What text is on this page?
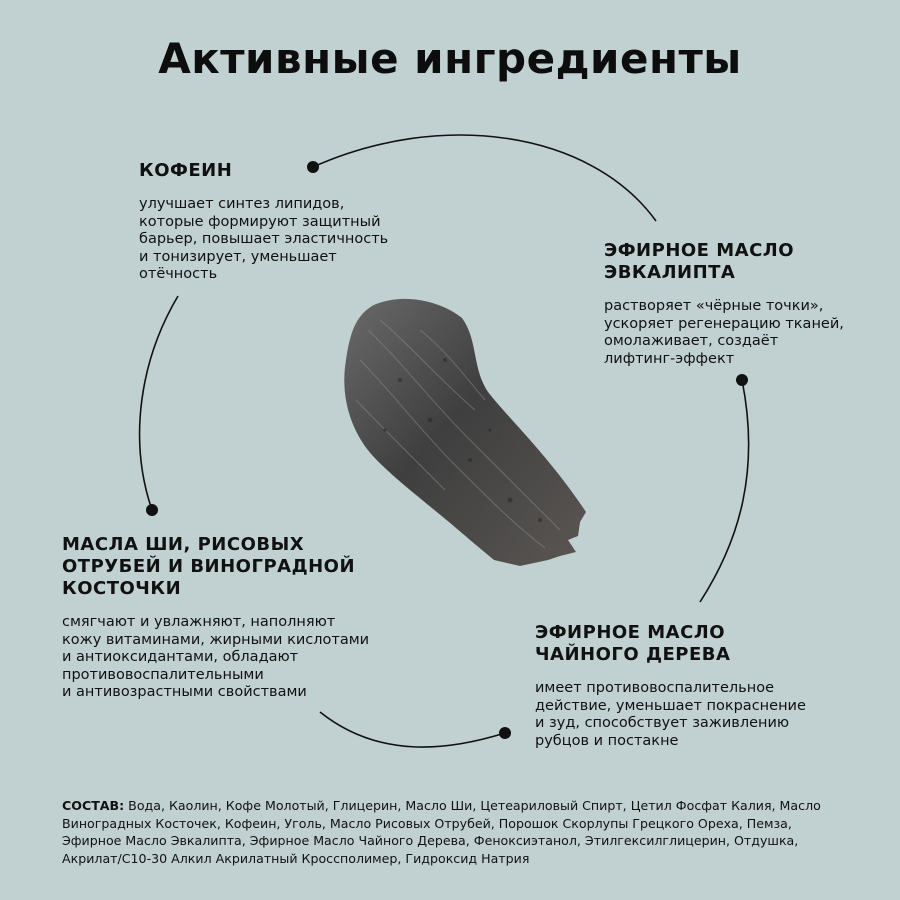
Активные ингредиенты
КОФЕИН

улучшает синтез липидов,
которые формируют защитный
барьер, повышает эластичность
и тонизирует, уменьшает
отёчность

ЭФИРНОЕ МАСЛО
ЭВКАЛИПТА

растворяет «чёрные точки»,
ускоряет регенерацию тканей,
омолаживает, создаёт
лифтинг-эффект

МАСЛА ШИ, РИСОВЫХ
ОТРУБЕЙ И ВИНОГРАДНОЙ
КОСТОЧКИ

смягчают и увлажняют, наполняют
кожу витаминами, жирными кислотами
и антиоксидантами, обладают
противовоспалительными
и антивозрастными свойствами

ЭФИРНОЕ МАСЛО
ЧАЙНОГО ДЕРЕВА

имеет противовоспалительное
действие, уменьшает покраснение
и зуд, способствует заживлению
рубцов и постакне

СОСТАВ: Вода, Каолин, Кофе Молотый, Глицерин, Масло Ши, Цетеариловый Спирт, Цетил Фосфат Калия, Масло Виноградных Косточек, Кофеин, Уголь, Масло Рисовых Отрубей, Порошок Скорлупы Грецкого Ореха, Пемза, Эфирное Масло Эвкалипта, Эфирное Масло Чайного Дерева, Феноксиэтанол, Этилгексилглицерин, Отдушка, Акрилат/С10-30 Алкил Акрилатный Кроссполимер, Гидроксид Натрия
